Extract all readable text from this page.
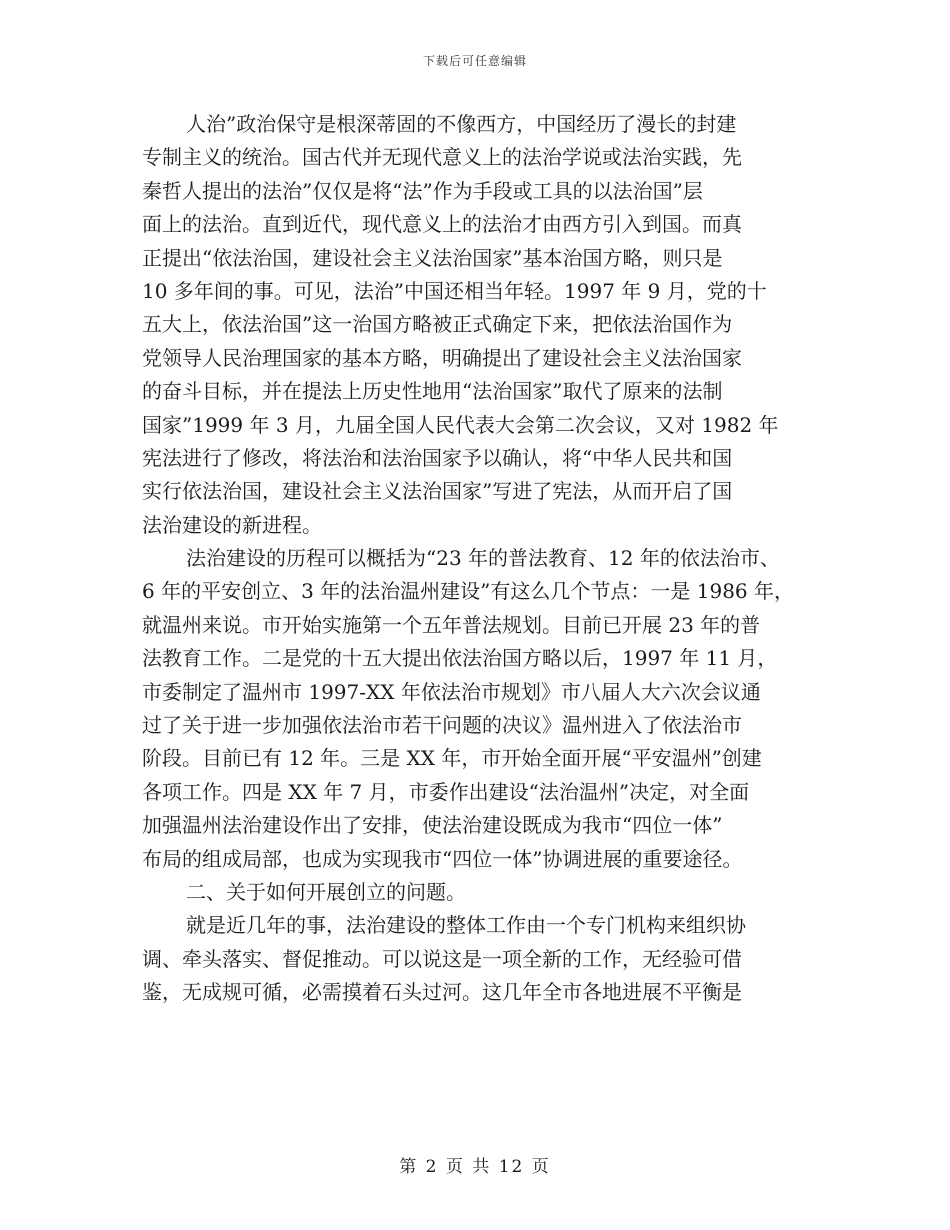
下载后可任意编辑
人治”政治保守是根深蒂固的不像西方，中国经历了漫长的封建
专制主义的统治。国古代并无现代意义上的法治学说或法治实践，先
秦哲人提出的法治”仅仅是将“法”作为手段或工具的以法治国”层
面上的法治。直到近代，现代意义上的法治才由西方引入到国。而真
正提出“依法治国，建设社会主义法治国家”基本治国方略，则只是
10 多年间的事。可见，法治”中国还相当年轻。1997 年 9 月，党的十
五大上，依法治国”这一治国方略被正式确定下来，把依法治国作为
党领导人民治理国家的基本方略，明确提出了建设社会主义法治国家
的奋斗目标，并在提法上历史性地用“法治国家”取代了原来的法制
国家”1999 年 3 月，九届全国人民代表大会第二次会议，又对 1982 年
宪法进行了修改，将法治和法治国家予以确认，将“中华人民共和国
实行依法治国，建设社会主义法治国家”写进了宪法，从而开启了国
法治建设的新进程。
法治建设的历程可以概括为“23 年的普法教育、12 年的依法治市、
6 年的平安创立、3 年的法治温州建设”有这么几个节点：一是 1986 年，
就温州来说。市开始实施第一个五年普法规划。目前已开展 23 年的普
法教育工作。二是党的十五大提出依法治国方略以后，1997 年 11 月，
市委制定了温州市 1997-XX 年依法治市规划》市八届人大六次会议通
过了关于进一步加强依法治市若干问题的决议》温州进入了依法治市
阶段。目前已有 12 年。三是 XX 年，市开始全面开展“平安温州”创建
各项工作。四是 XX 年 7 月，市委作出建设“法治温州”决定，对全面
加强温州法治建设作出了安排，使法治建设既成为我市“四位一体”
布局的组成局部，也成为实现我市“四位一体”协调进展的重要途径。
二、关于如何开展创立的问题。
就是近几年的事，法治建设的整体工作由一个专门机构来组织协
调、牵头落实、督促推动。可以说这是一项全新的工作，无经验可借
鉴，无成规可循，必需摸着石头过河。这几年全市各地进展不平衡是
第 2 页 共 12 页
